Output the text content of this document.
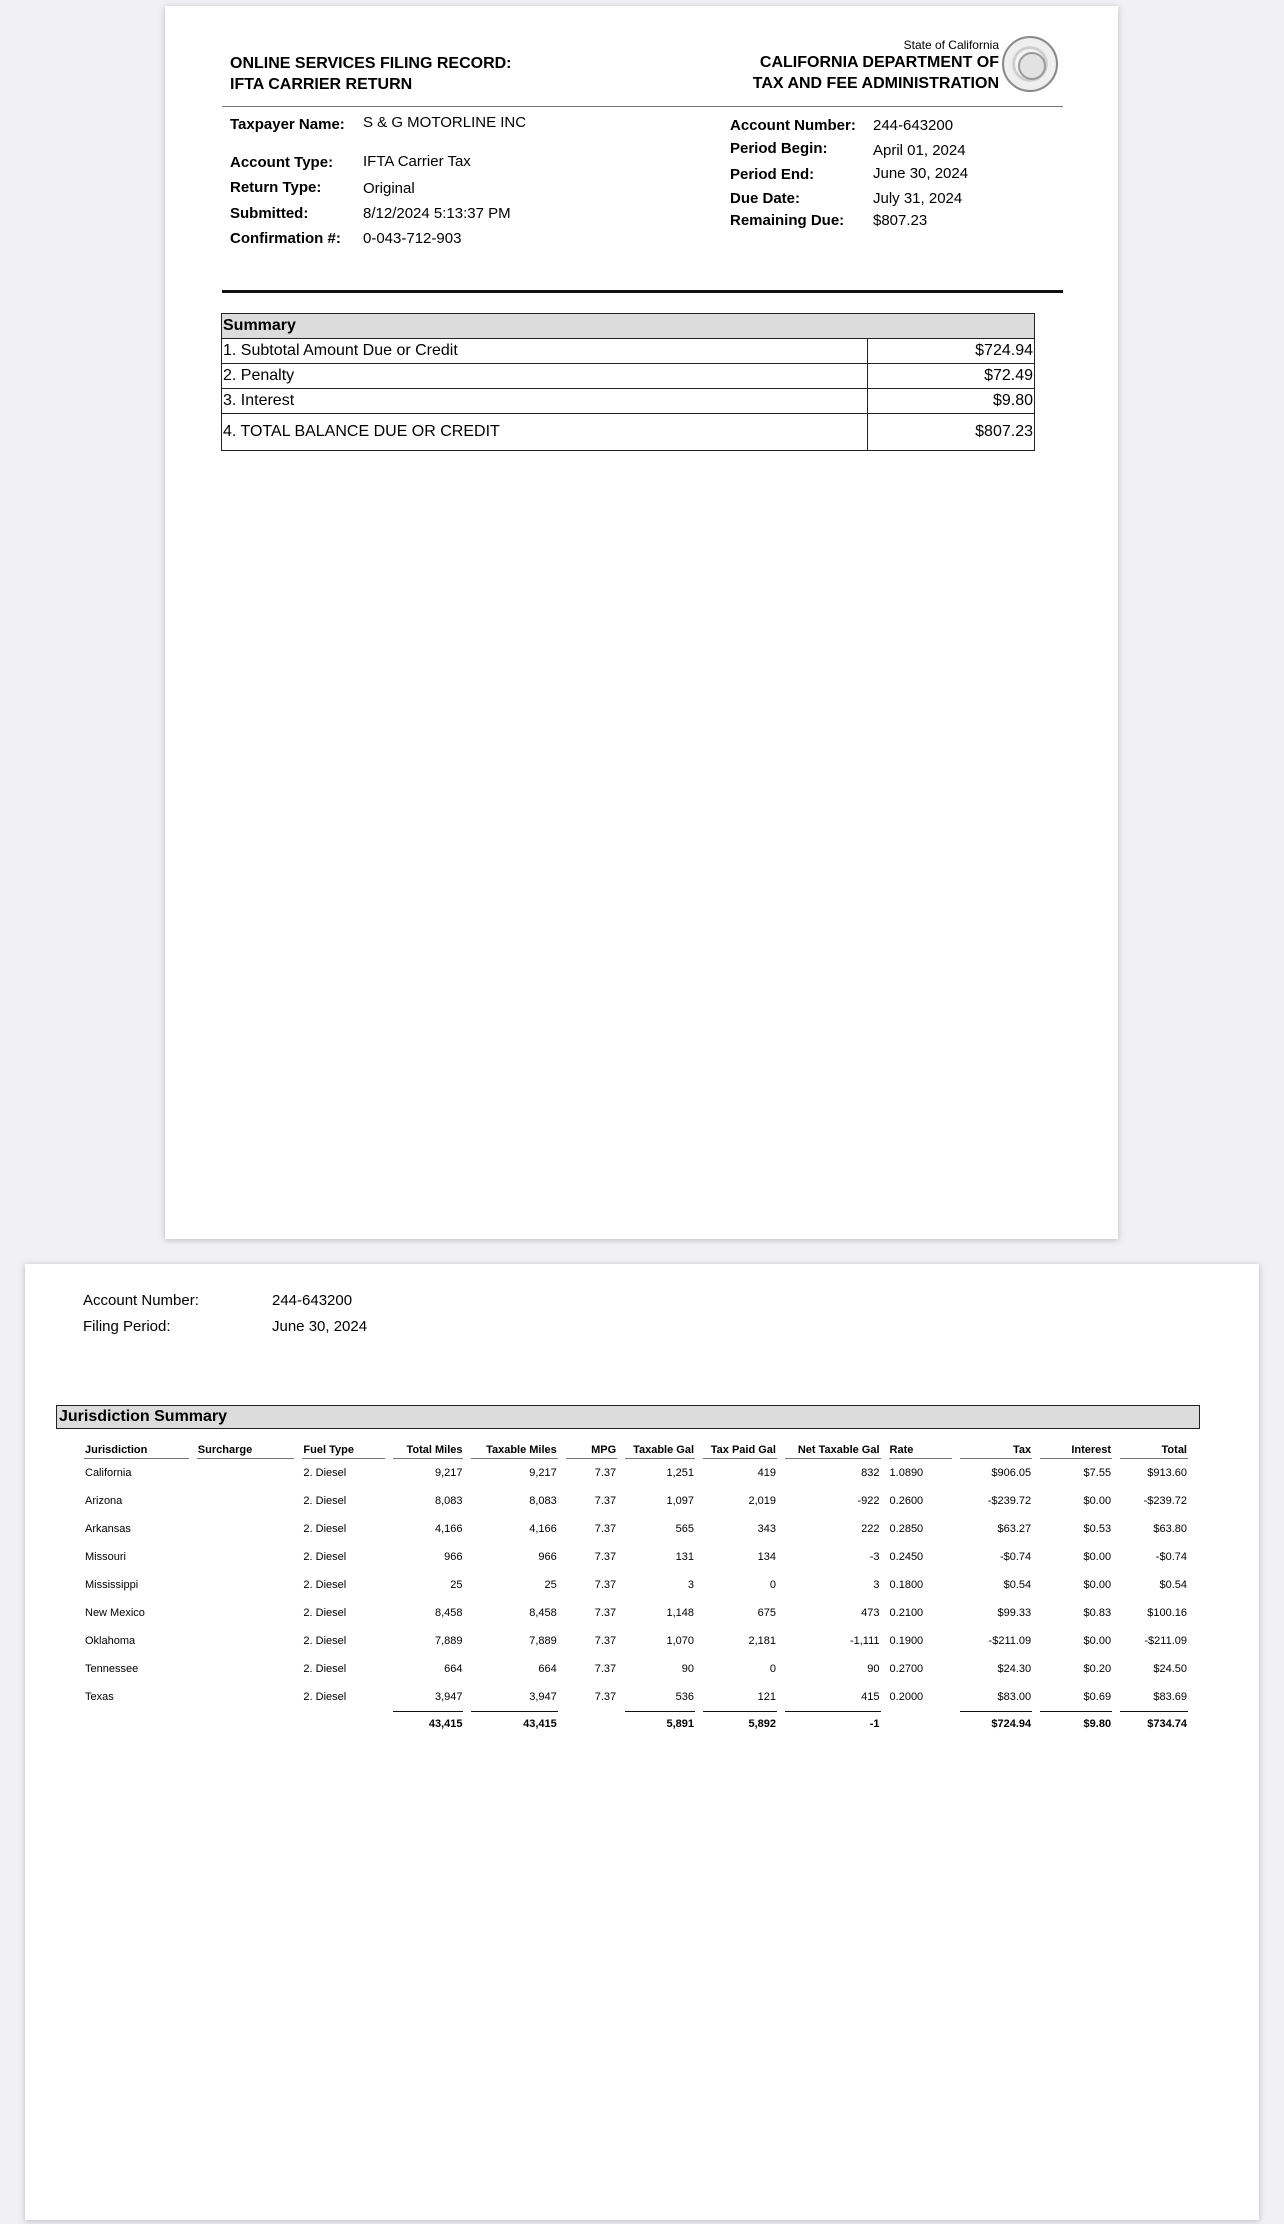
ONLINE SERVICES FILING RECORD:
IFTA CARRIER RETURN
State of California
CALIFORNIA DEPARTMENT OF
TAX AND FEE ADMINISTRATION
Taxpayer Name: S & G MOTORLINE INC
Account Type: IFTA Carrier Tax
Return Type:	Original
Submitted:	8/12/2024 5:13:37 PM
Confirmation #: 0-043-712-903
Account Number: 244-643200
Period Begin:	April 01, 2024
Period End:	June 30, 2024
Due Date:	July 31, 2024
Remaining Due: $807.23
Summary	
1. Subtotal Amount Due or Credit	$724.94
2. Penalty	$72.49
3. Interest	$9.80
4. TOTAL BALANCE DUE OR CREDIT	$807.23
Account Number:	244-643200
Filing Period:	June 30, 2024
Jurisdiction Summary
Jurisdiction	Surcharge	Fuel Type	Total Miles	Taxable Miles	MPG	Taxable Gal	Tax Paid Gal	Net Taxable Gal	Rate	Tax	Interest	Total
California		2. Diesel	9,217	9,217	7.37	1,251	419	832	1.0890	$906.05	$7.55	$913.60
Arizona		2. Diesel	8,083	8,083	7.37	1,097	2,019	-922	0.2600	-$239.72	$0.00	-$239.72
Arkansas		2. Diesel	4,166	4,166	7.37	565	343	222	0.2850	$63.27	$0.53	$63.80
Missouri		2. Diesel	966	966	7.37	131	134	-3	0.2450	-$0.74	$0.00	-$0.74
Mississippi		2. Diesel	25	25	7.37	3	0	3	0.1800	$0.54	$0.00	$0.54
New Mexico		2. Diesel	8,458	8,458	7.37	1,148	675	473	0.2100	$99.33	$0.83	$100.16
Oklahoma		2. Diesel	7,889	7,889	7.37	1,070	2,181	-1,111	0.1900	-$211.09	$0.00	-$211.09
Tennessee		2. Diesel	664	664	7.37	90	0	90	0.2700	$24.30	$0.20	$24.50
Texas		2. Diesel	3,947	3,947	7.37	536	121	415	0.2000	$83.00	$0.69	$83.69
			43,415	43,415		5,891	5,892	-1		$724.94	$9.80	$734.74
